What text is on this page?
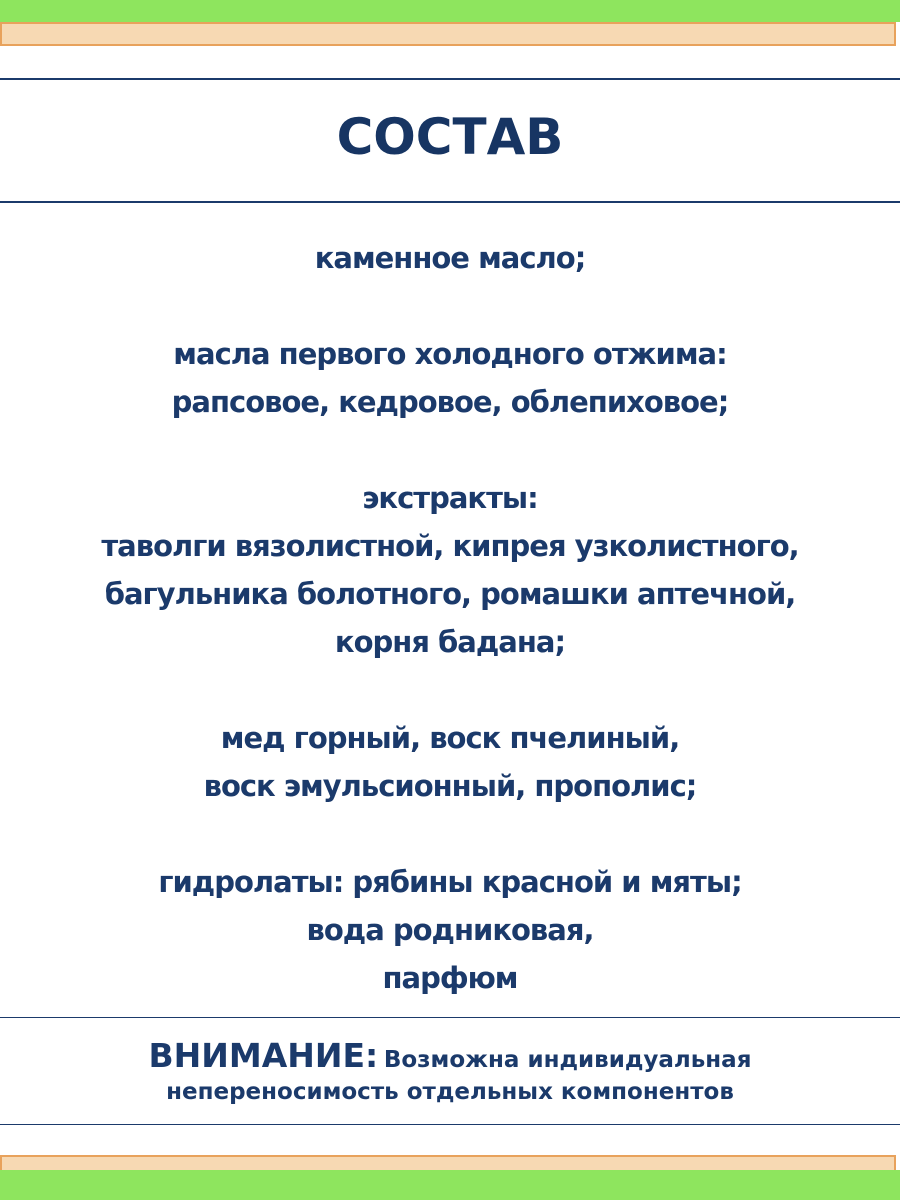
СОСТАВ
каменное масло;
масла первого холодного отжима:
рапсовое, кедровое, облепиховое;
экстракты:
таволги вязолистной, кипрея узколистного,
багульника болотного, ромашки аптечной,
корня бадана;
мед горный, воск пчелиный,
воск эмульсионный, прополис;
гидролаты: рябины красной и мяты;
вода родниковая,
парфюм
ВНИМАНИЕ: Возможна индивидуальная
непереносимость отдельных компонентов
